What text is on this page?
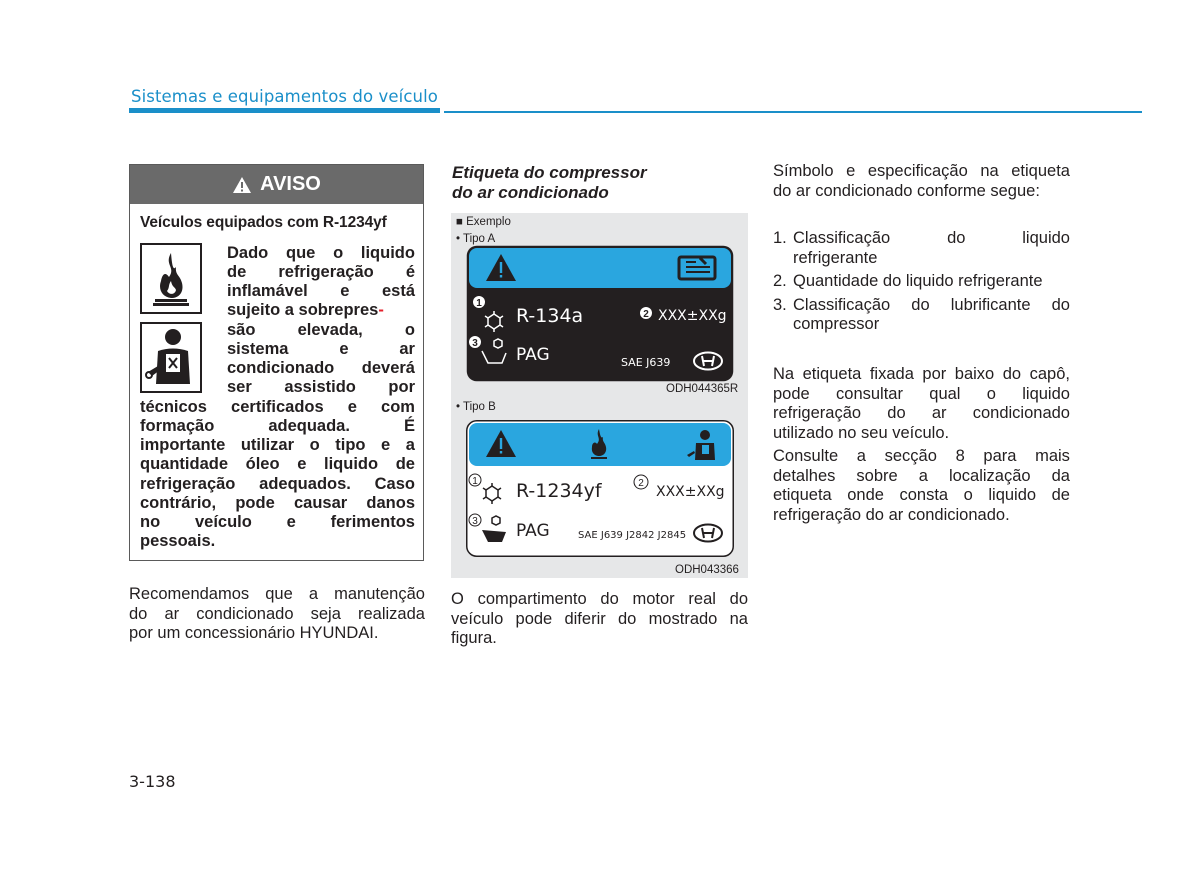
Sistemas e equipamentos do veículo
AVISO
Veículos equipados com R-1234yf
Dado que o liquido
de refrigeração é
inflamável e está
sujeito a sobrepres-
são	elevada,	o
sistema	e	ar
condicionado deverá
ser assistido por
técnicos certificados e com
formação	adequada.	É
importante utilizar o tipo e a
quantidade óleo e liquido de
refrigeração adequados. Caso
contrário, pode causar danos
no veículo e ferimentos
pessoais.
Recomendamos que a manutenção
do ar condicionado seja realizada
por um concessionário HYUNDAI.
Etiqueta do compressor
do ar condicionado
■ Exemplo
• Tipo A
1
R-134a	2 XXX±XXg
3
PAG	SAE J639
ODH044365R
• Tipo B
1 R-1234yf	2
XXX±XXg
3 PAG	SAE J639 J2842 J2845
ODH043366
O compartimento do motor real do
veículo pode diferir do mostrado na
figura.
Símbolo e especificação na etiqueta
do ar condicionado conforme segue:
1. Classificação	do	liquido
refrigerante
2. Quantidade do liquido refrigerante
3. Classificação do lubrificante do
compressor
Na etiqueta fixada por baixo do capô,
pode consultar qual o liquido
refrigeração do ar condicionado
utilizado no seu veículo.
Consulte a secção 8 para mais
detalhes sobre a localização da
etiqueta onde consta o liquido de
refrigeração do ar condicionado.
3-138
